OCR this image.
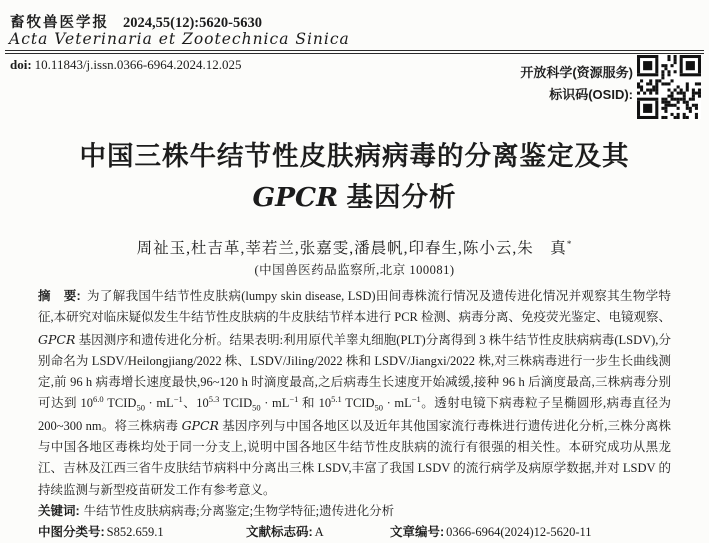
畜牧兽医学报 2024,55(12):5620-5630
Acta Veterinaria et Zootechnica Sinica
doi: 10.11843/j.issn.0366-6964.2024.12.025
开放科学(资源服务)
标识码(OSID):
中国三株牛结节性皮肤病病毒的分离鉴定及其
GPCR 基因分析
周祉玉,杜吉革,莘若兰,张嘉雯,潘晨帆,印春生,陈小云,朱　真*
(中国兽医药品监察所,北京 100081)

摘　要: 为了解我国牛结节性皮肤病(lumpy skin disease, LSD)田间毒株流行情况及遗传进化情况并观察其生物学特征,本研究对临床疑似发生牛结节性皮肤病的牛皮肤结节样本进行 PCR 检测、病毒分离、免疫荧光鉴定、电镜观察、GPCR 基因测序和遗传进化分析。结果表明:利用原代羊睾丸细胞(PLT)分离得到 3 株牛结节性皮肤病病毒(LSDV),分别命名为 LSDV/Heilongjiang/2022 株、LSDV/Jiling/2022 株和 LSDV/Jiangxi/2022 株,对三株病毒进行一步生长曲线测定,前 96 h 病毒增长速度最快,96~120 h 时滴度最高,之后病毒生长速度开始减缓,接种 96 h 后滴度最高,三株病毒分别可达到 $10^{6.0}$ $TCID_{50} \cdot mL^{-1}$、$10^{5.3}$ $TCID_{50} \cdot mL^{-1}$ 和 $10^{5.1}$ $TCID_{50} \cdot mL^{-1}$。透射电镜下病毒粒子呈椭圆形,病毒直径为 200~300 nm。将三株病毒 GPCR 基因序列与中国各地区以及近年其他国家流行毒株进行遗传进化分析,三株分离株与中国各地区毒株均处于同一分支上,说明中国各地区牛结节性皮肤病的流行有很强的相关性。本研究成功从黑龙江、吉林及江西三省牛皮肤结节病料中分离出三株 LSDV,丰富了我国 LSDV 的流行病学及病原学数据,并对 LSDV 的持续监测与新型疫苗研发工作有参考意义。

关键词: 牛结节性皮肤病病毒;分离鉴定;生物学特征;遗传进化分析

中图分类号: S852.659.1	文献标志码: A	文章编号: 0366-6964(2024)12-5620-11
